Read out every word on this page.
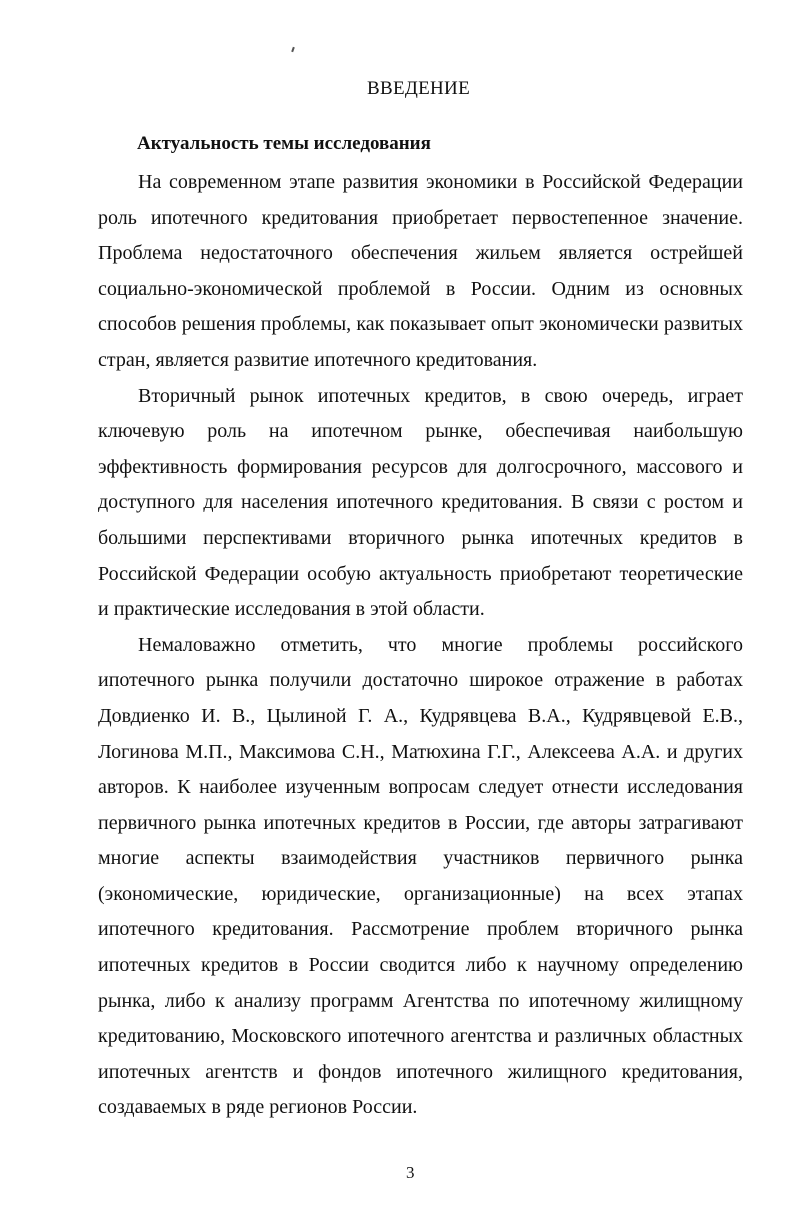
ВВЕДЕНИЕ
Актуальность темы исследования

На современном этапе развития экономики в Российской Федерации роль ипотечного кредитования приобретает первостепенное значение. Проблема недостаточного обеспечения жильем является острейшей социально-экономической проблемой в России. Одним из основных способов решения проблемы, как показывает опыт экономически развитых стран, является развитие ипотечного кредитования.

Вторичный рынок ипотечных кредитов, в свою очередь, играет ключевую роль на ипотечном рынке, обеспечивая наибольшую эффективность формирования ресурсов для долгосрочного, массового и доступного для населения ипотечного кредитования. В связи с ростом и большими перспективами вторичного рынка ипотечных кредитов в Российской Федерации особую актуальность приобретают теоретические и практические исследования в этой области.

Немаловажно отметить, что многие проблемы российского ипотечного рынка получили достаточно широкое отражение в работах Довдиенко И. В., Цылиной Г. А., Кудрявцева В.А., Кудрявцевой Е.В., Логинова М.П., Максимова С.Н., Матюхина Г.Г., Алексеева А.А. и других авторов. К наиболее изученным вопросам следует отнести исследования первичного рынка ипотечных кредитов в России, где авторы затрагивают многие аспекты взаимодействия участников первичного рынка (экономические, юридические, организационные) на всех этапах ипотечного кредитования. Рассмотрение проблем вторичного рынка ипотечных кредитов в России сводится либо к научному определению рынка, либо к анализу программ Агентства по ипотечному жилищному кредитованию, Московского ипотечного агентства и различных областных ипотечных агентств и фондов ипотечного жилищного кредитования, создаваемых в ряде регионов России.

3
